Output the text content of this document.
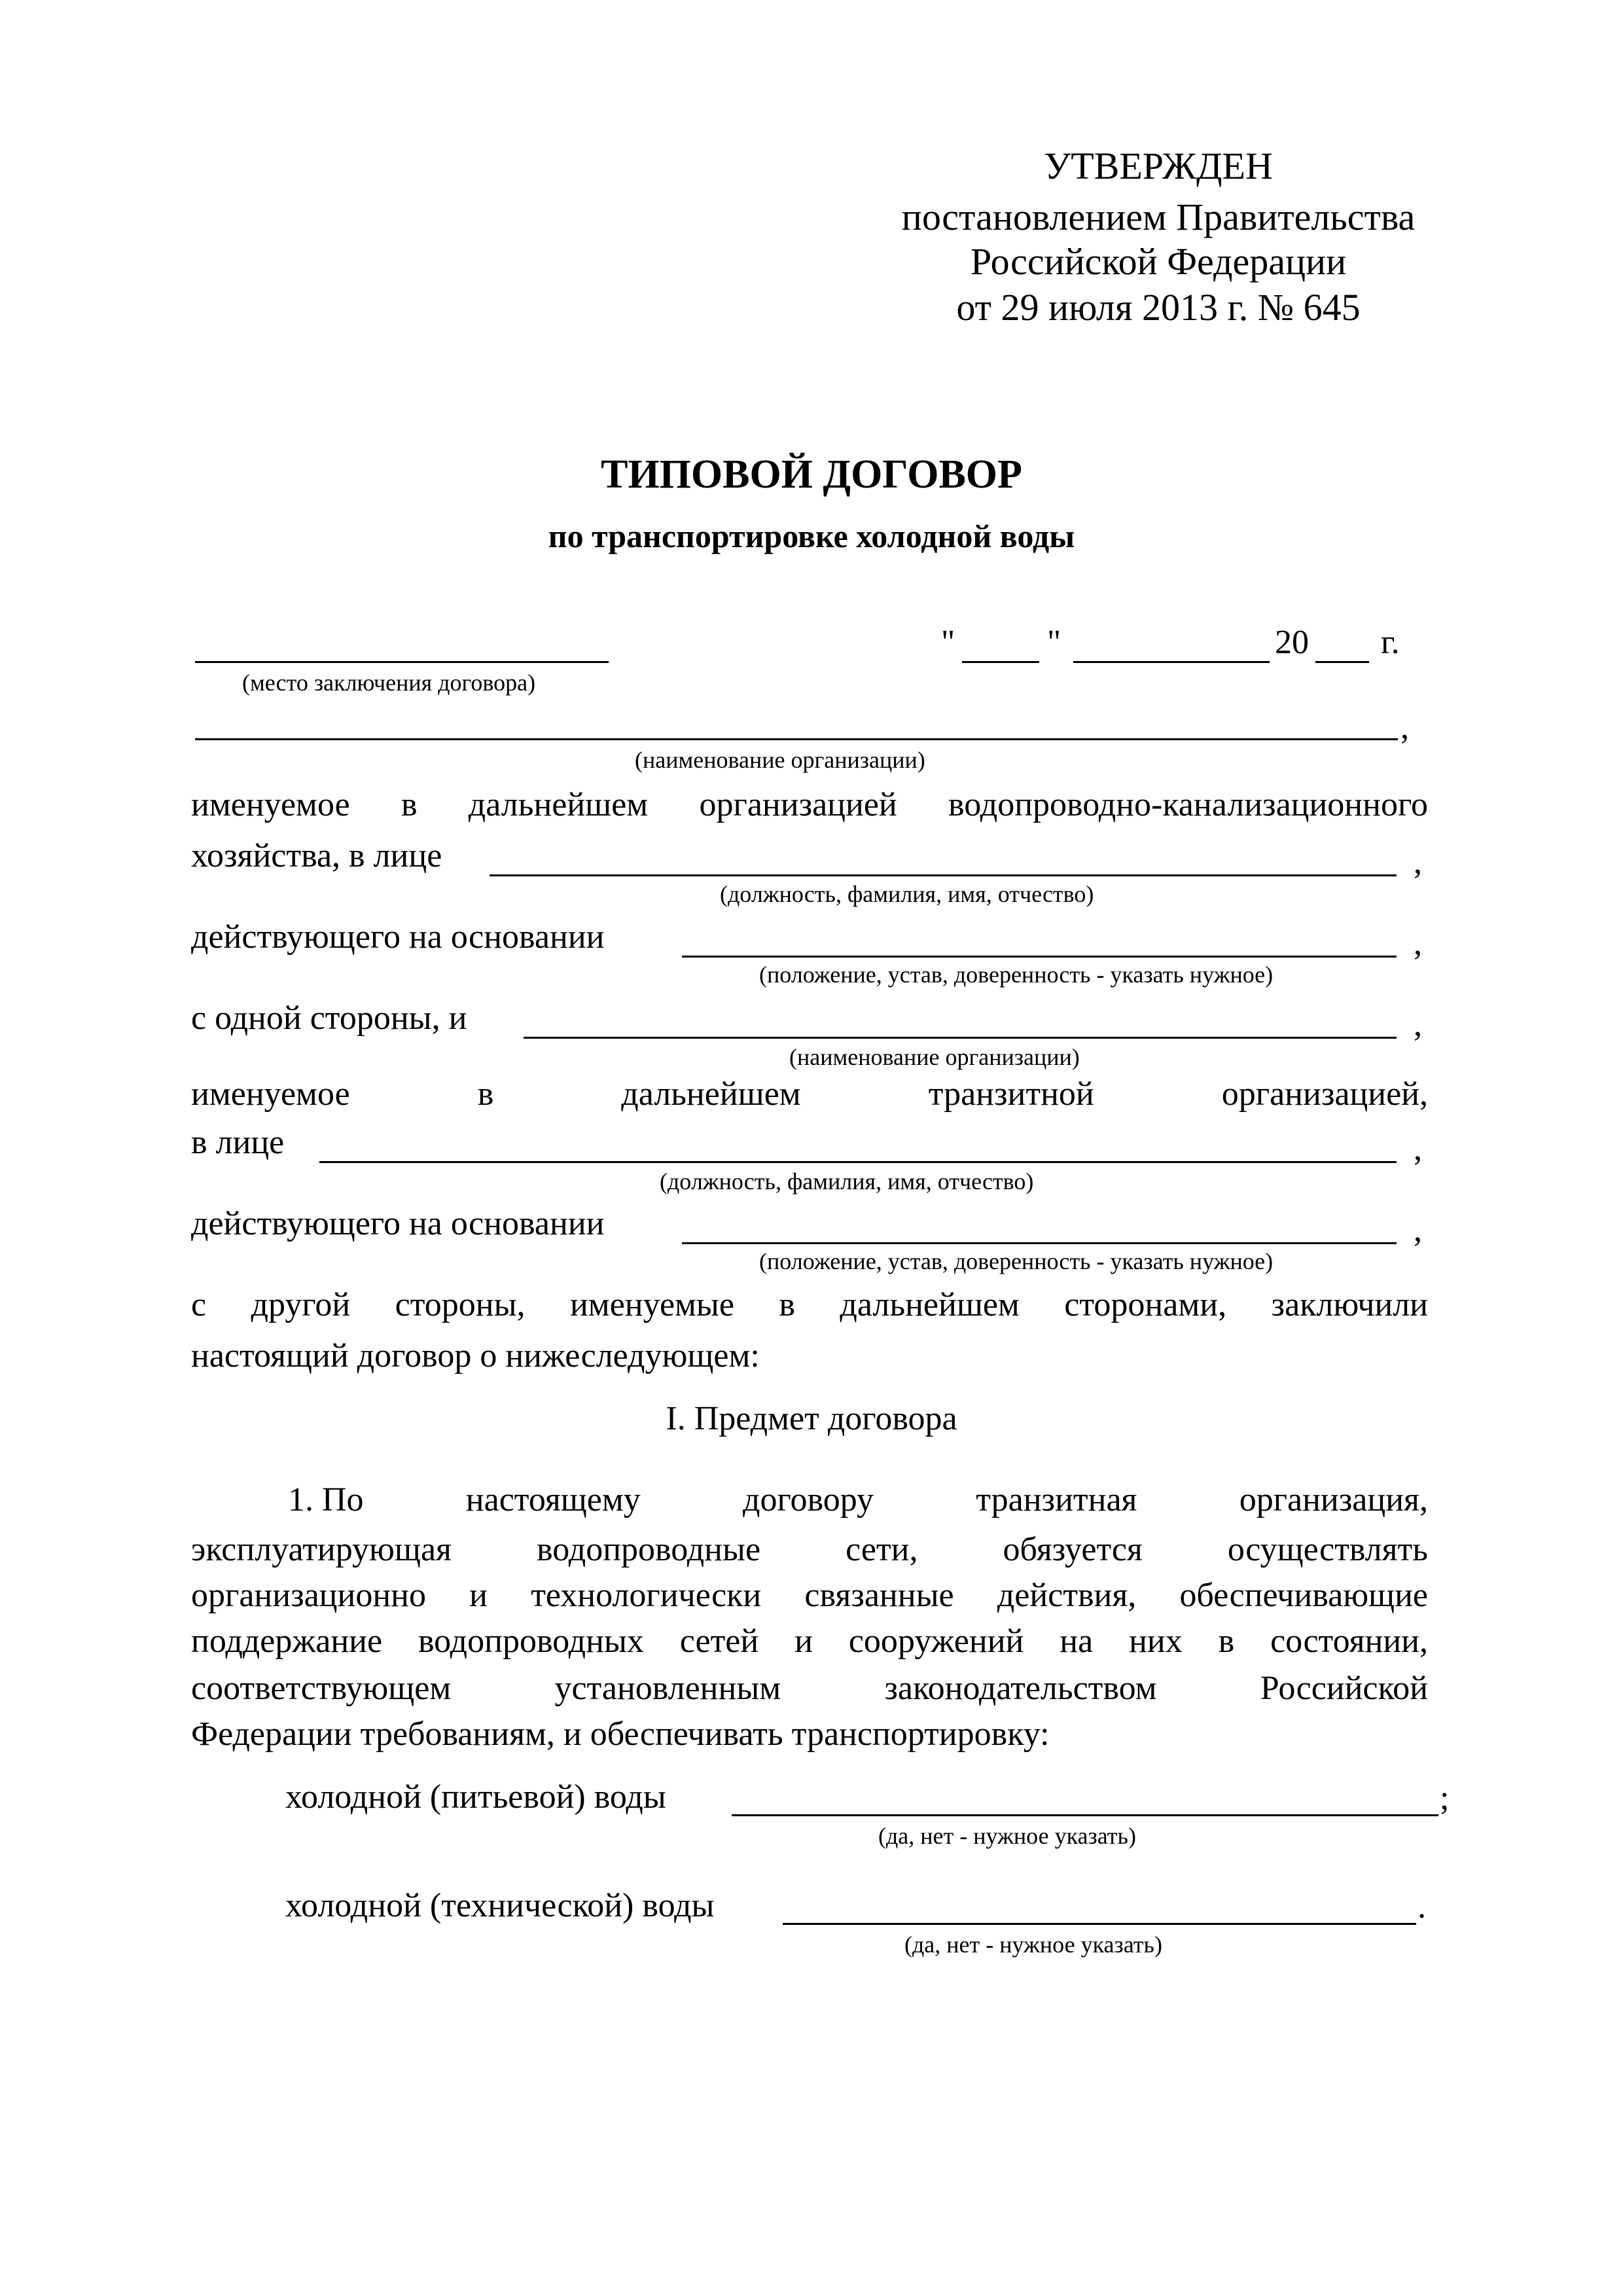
УТВЕРЖДЕН
постановлением Правительства
Российской Федерации
от 29 июля 2013 г. № 645
ТИПОВОЙ ДОГОВОР
по транспортировке холодной воды
(место заключения договора)
"	"	20 г.
,
(наименование организации)
именуемое в дальнейшем организацией водопроводно-канализационного
хозяйства, в лице	,
(должность, фамилия, имя, отчество)
действующего на основании	,
(положение, устав, доверенность - указать нужное)
с одной стороны, и	,
(наименование организации)
именуемое	в	дальнейшем	транзитной	организацией,
в лице	,
(должность, фамилия, имя, отчество)
действующего на основании	,
(положение, устав, доверенность - указать нужное)
с другой стороны, именуемые в дальнейшем сторонами, заключили
настоящий договор о нижеследующем:
I. Предмет договора
1. По	настоящему	договору	транзитная	организация,
эксплуатирующая	водопроводные	сети,	обязуется	осуществлять
организационно и технологически связанные действия, обеспечивающие
поддержание водопроводных сетей и сооружений на них в состоянии,
соответствующем	установленным	законодательством	Российской
Федерации требованиям, и обеспечивать транспортировку:
холодной (питьевой) воды	;
(да, нет - нужное указать)
холодной (технической) воды	.
(да, нет - нужное указать)
